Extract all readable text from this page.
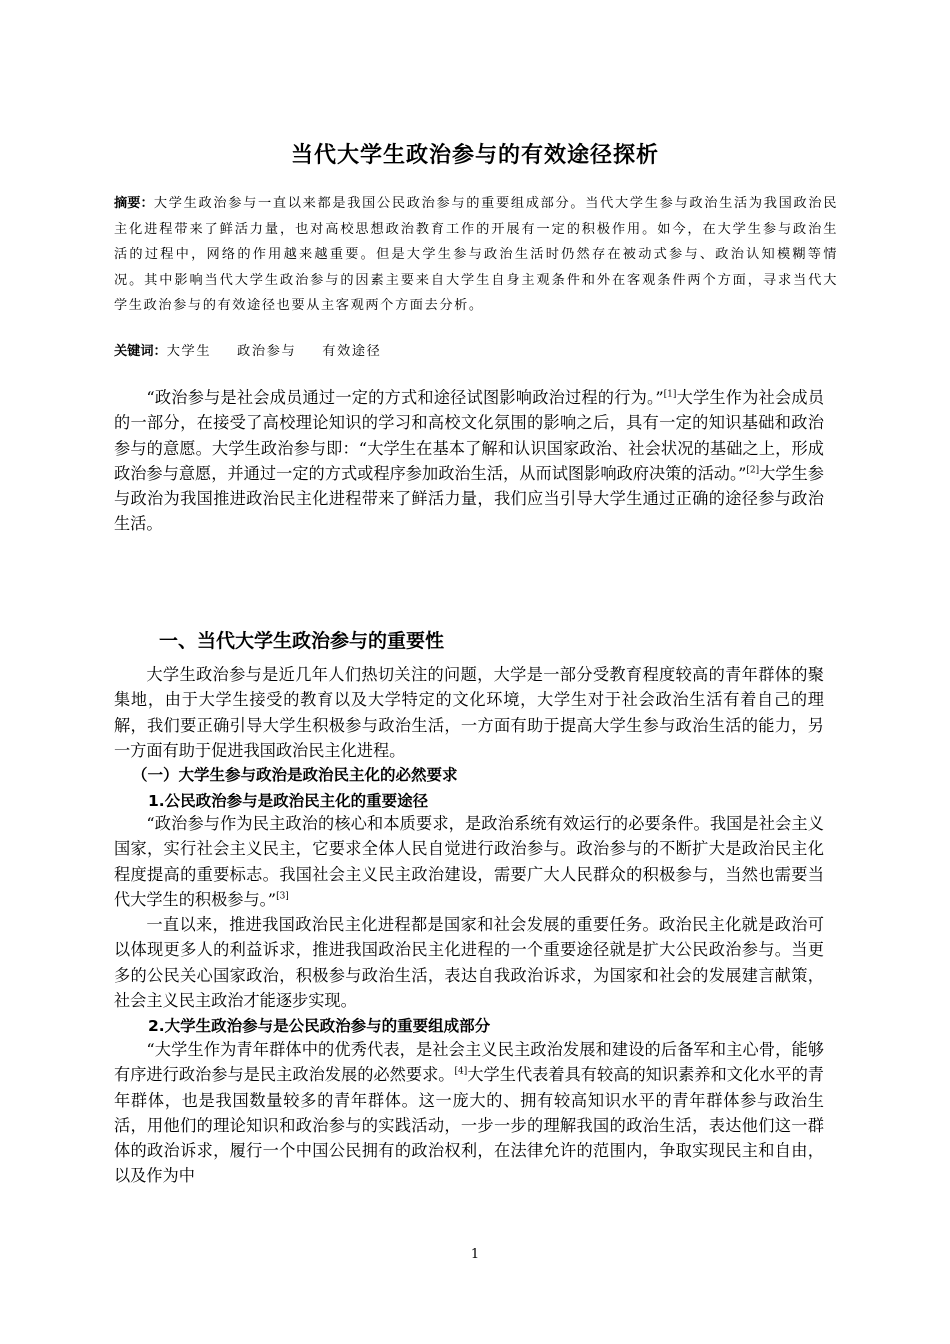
当代大学生政治参与的有效途径探析
摘要：大学生政治参与一直以来都是我国公民政治参与的重要组成部分。当代大学生参与政治生活为我国政治民主化进程带来了鲜活力量，也对高校思想政治教育工作的开展有一定的积极作用。如今，在大学生参与政治生活的过程中，网络的作用越来越重要。但是大学生参与政治生活时仍然存在被动式参与、政治认知模糊等情况。其中影响当代大学生政治参与的因素主要来自大学生自身主观条件和外在客观条件两个方面，寻求当代大学生政治参与的有效途径也要从主客观两个方面去分析。
关键词：大学生 政治参与 有效途径

“政治参与是社会成员通过一定的方式和途径试图影响政治过程的行为。”[1]大学生作为社会成员的一部分，在接受了高校理论知识的学习和高校文化氛围的影响之后，具有一定的知识基础和政治参与的意愿。大学生政治参与即：“大学生在基本了解和认识国家政治、社会状况的基础之上，形成政治参与意愿，并通过一定的方式或程序参加政治生活，从而试图影响政府决策的活动。”[2]大学生参与政治为我国推进政治民主化进程带来了鲜活力量，我们应当引导大学生通过正确的途径参与政治生活。

一、当代大学生政治参与的重要性

大学生政治参与是近几年人们热切关注的问题，大学是一部分受教育程度较高的青年群体的聚集地，由于大学生接受的教育以及大学特定的文化环境，大学生对于社会政治生活有着自己的理解，我们要正确引导大学生积极参与政治生活，一方面有助于提高大学生参与政治生活的能力，另一方面有助于促进我国政治民主化进程。

（一）大学生参与政治是政治民主化的必然要求
1.公民政治参与是政治民主化的重要途径

“政治参与作为民主政治的核心和本质要求，是政治系统有效运行的必要条件。我国是社会主义国家，实行社会主义民主，它要求全体人民自觉进行政治参与。政治参与的不断扩大是政治民主化程度提高的重要标志。我国社会主义民主政治建设，需要广大人民群众的积极参与，当然也需要当代大学生的积极参与。”[3]

一直以来，推进我国政治民主化进程都是国家和社会发展的重要任务。政治民主化就是政治可以体现更多人的利益诉求，推进我国政治民主化进程的一个重要途径就是扩大公民政治参与。当更多的公民关心国家政治，积极参与政治生活，表达自我政治诉求，为国家和社会的发展建言献策，社会主义民主政治才能逐步实现。

2.大学生政治参与是公民政治参与的重要组成部分

“大学生作为青年群体中的优秀代表，是社会主义民主政治发展和建设的后备军和主心骨，能够有序进行政治参与是民主政治发展的必然要求。[4]大学生代表着具有较高的知识素养和文化水平的青年群体，也是我国数量较多的青年群体。这一庞大的、拥有较高知识水平的青年群体参与政治生活，用他们的理论知识和政治参与的实践活动，一步一步的理解我国的政治生活，表达他们这一群体的政治诉求，履行一个中国公民拥有的政治权利，在法律允许的范围内，争取实现民主和自由，以及作为中

1
